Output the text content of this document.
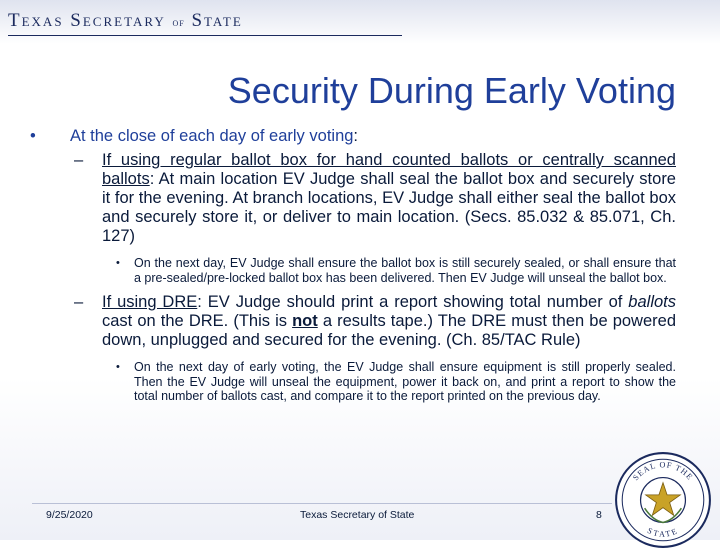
Texas Secretary of State
Security During Early Voting
•	At the close of each day of early voting:
– If using regular ballot box for hand counted ballots or centrally scanned ballots: At main location EV Judge shall seal the ballot box and securely store it for the evening. At branch locations, EV Judge shall either seal the ballot box and securely store it, or deliver to main location. (Secs. 85.032 & 85.071, Ch. 127)
• On the next day, EV Judge shall ensure the ballot box is still securely sealed, or shall ensure that a pre-sealed/pre-locked ballot box has been delivered. Then EV Judge will unseal the ballot box.
– If using DRE: EV Judge should print a report showing total number of ballots cast on the DRE. (This is not a results tape.) The DRE must then be powered down, unplugged and secured for the evening. (Ch. 85/TAC Rule)
• On the next day of early voting, the EV Judge shall ensure equipment is still properly sealed. Then the EV Judge will unseal the equipment, power it back on, and print a report to show the total number of ballots cast, and compare it to the report printed on the previous day.
9/25/2020	Texas Secretary of State	8
SEAL OF THE
STATE
